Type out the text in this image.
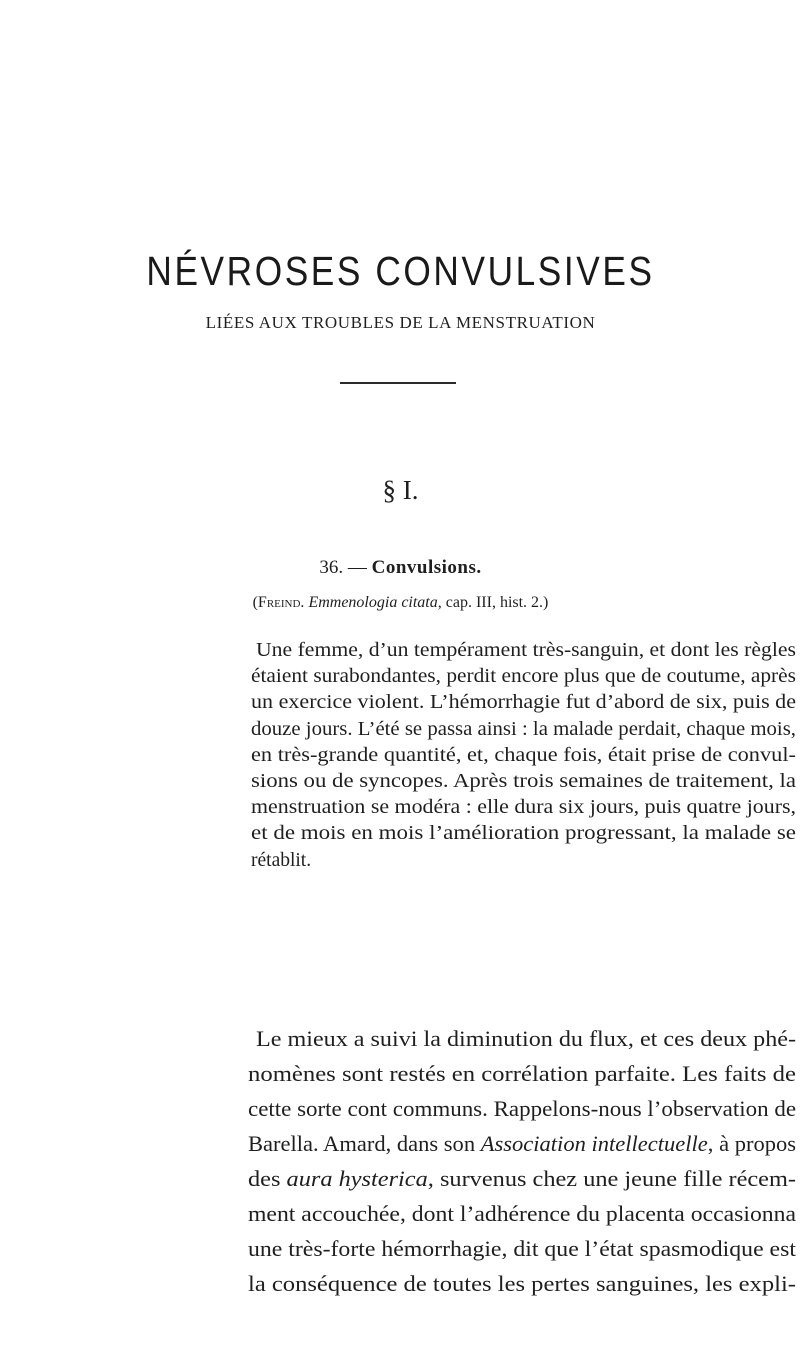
NÉVROSES CONVULSIVES
LIÉES AUX TROUBLES DE LA MENSTRUATION
§ I.
36. — Convulsions.
(Freind. Emmenologia citata, cap. III, hist. 2.)
Une femme, d’un tempérament très-sanguin, et dont les règles
étaient surabondantes, perdit encore plus que de coutume, après
un exercice violent. L’hémorrhagie fut d’abord de six, puis de
douze jours. L’été se passa ainsi : la malade perdait, chaque mois,
en très-grande quantité, et, chaque fois, était prise de convul-
sions ou de syncopes. Après trois semaines de traitement, la
menstruation se modéra : elle dura six jours, puis quatre jours,
et de mois en mois l’amélioration progressant, la malade se
rétablit.
Le mieux a suivi la diminution du flux, et ces deux phé-
nomènes sont restés en corrélation parfaite. Les faits de
cette sorte cont communs. Rappelons-nous l’observation de
Barella. Amard, dans son Association intellectuelle, à propos
des aura hysterica, survenus chez une jeune fille récem-
ment accouchée, dont l’adhérence du placenta occasionna
une très-forte hémorrhagie, dit que l’état spasmodique est
la conséquence de toutes les pertes sanguines, les expli-
